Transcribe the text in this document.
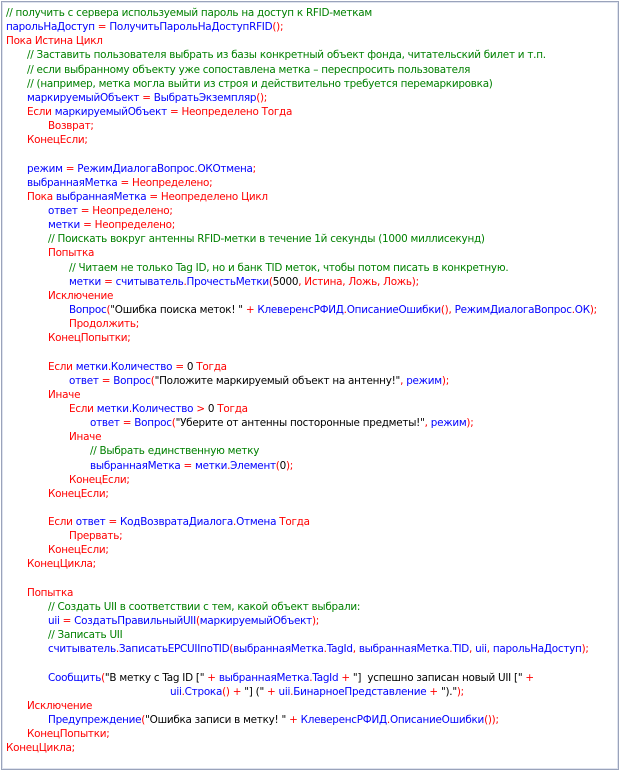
// получить с сервера используемый пароль на доступ к RFID-меткам
парольНаДоступ = ПолучитьПарольНаДоступRFID();
Пока Истина Цикл
// Заставить пользователя выбрать из базы конкретный объект фонда, читательский билет и т.п.
// если выбранному объекту уже сопоставлена метка – переспросить пользователя
// (например, метка могла выйти из строя и действительно требуется перемаркировка)
маркируемыйОбъект = ВыбратьЭкземпляр();
Если маркируемыйОбъект = Неопределено Тогда
Возврат;
КонецЕсли;
режим = РежимДиалогаВопрос.ОКОтмена;
выбраннаяМетка = Неопределено;
Пока выбраннаяМетка = Неопределено Цикл
ответ = Неопределено;
метки = Неопределено;
// Поискать вокруг антенны RFID-метки в течение 1й секунды (1000 миллисекунд)
Попытка
// Читаем не только Tag ID, но и банк TID меток, чтобы потом писать в конкретную.
метки = считыватель.ПрочестьМетки(5000, Истина, Ложь, Ложь);
Исключение
Вопрос("Ошибка поиска меток! " + КлеверенсРФИД.ОписаниеОшибки(), РежимДиалогаВопрос.ОК);
Продолжить;
КонецПопытки;
Если метки.Количество = 0 Тогда
ответ = Вопрос("Положите маркируемый объект на антенну!", режим);
Иначе
Если метки.Количество > 0 Тогда
ответ = Вопрос("Уберите от антенны посторонные предметы!", режим);
Иначе
// Выбрать единственную метку
выбраннаяМетка = метки.Элемент(0);
КонецЕсли;
КонецЕсли;
Если ответ = КодВозвратаДиалога.Отмена Тогда
Прервать;
КонецЕсли;
КонецЦикла;
Попытка
// Создать UII в соответствии с тем, какой объект выбрали:
uii = СоздатьПравильныйUII(маркируемыйОбъект);
// Записать UII
считыватель.ЗаписатьEPCUIIпоTID(выбраннаяМетка.TagId, выбраннаяМетка.TID, uii, парольНаДоступ);
Сообщить("В метку с Tag ID [" + выбраннаяМетка.TagId + "]  успешно записан новый UII [" +
uii.Строка() + "] (" + uii.БинарноеПредставление + ").");
Исключение
Предупреждение("Ошибка записи в метку! " + КлеверенсРФИД.ОписаниеОшибки());
КонецПопытки;
КонецЦикла;
